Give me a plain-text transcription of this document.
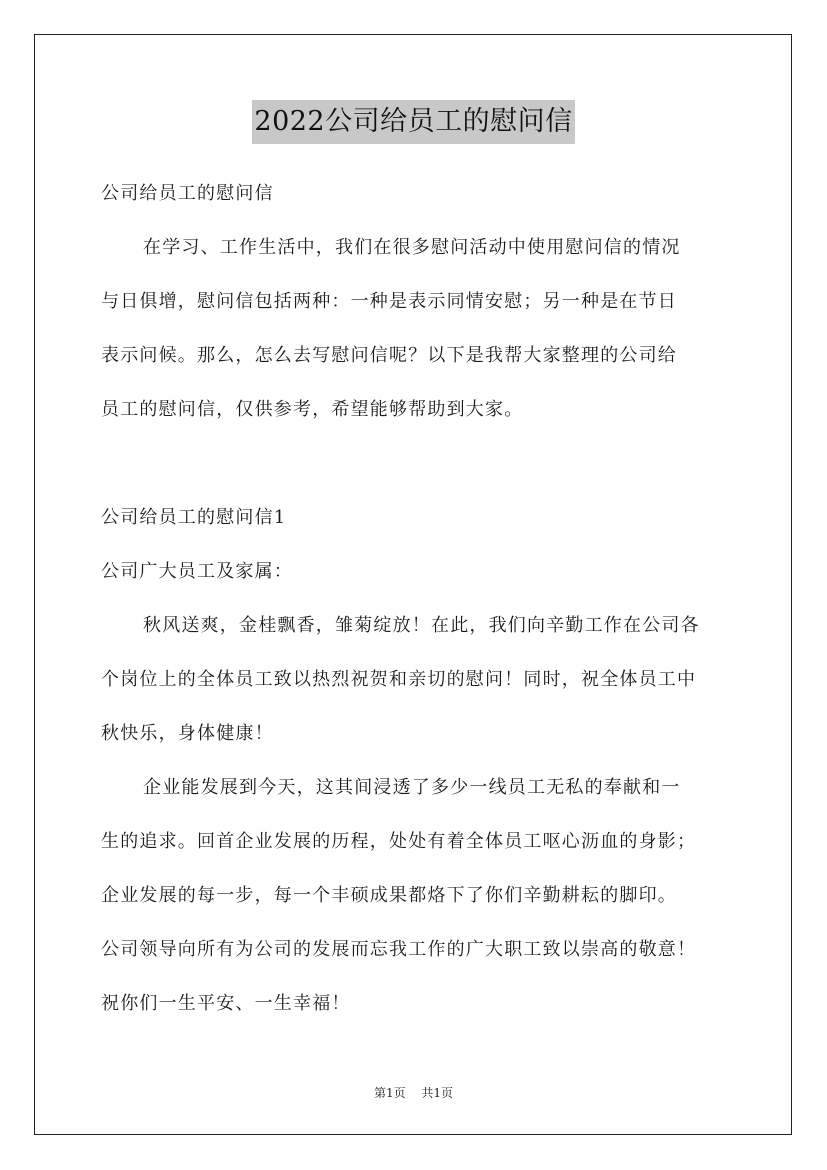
2022公司给员工的慰问信
公司给员工的慰问信
在学习、工作生活中，我们在很多慰问活动中使用慰问信的情况
与日俱增，慰问信包括两种：一种是表示同情安慰；另一种是在节日
表示问候。那么，怎么去写慰问信呢？以下是我帮大家整理的公司给
员工的慰问信，仅供参考，希望能够帮助到大家。
公司给员工的慰问信1
公司广大员工及家属：
秋风送爽，金桂飘香，雏菊绽放！在此，我们向辛勤工作在公司各
个岗位上的全体员工致以热烈祝贺和亲切的慰问！同时，祝全体员工中
秋快乐，身体健康！
企业能发展到今天，这其间浸透了多少一线员工无私的奉献和一
生的追求。回首企业发展的历程，处处有着全体员工呕心沥血的身影；
企业发展的每一步，每一个丰硕成果都烙下了你们辛勤耕耘的脚印。
公司领导向所有为公司的发展而忘我工作的广大职工致以崇高的敬意！
祝你们一生平安、一生幸福！
第1页 共1页
